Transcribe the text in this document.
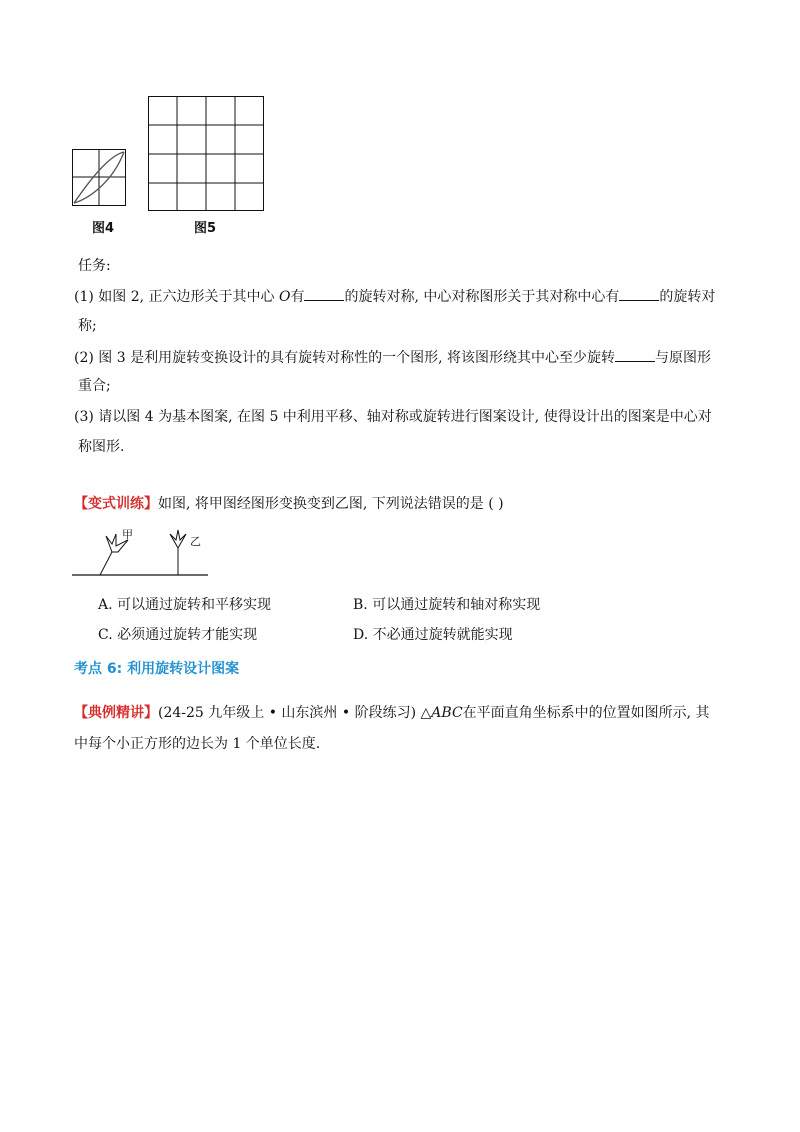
图4	图5
任务:
(1) 如图 2, 正六边形关于其中心 O有	的旋转对称, 中心对称图形关于其对称中心有	的旋转对
称;
(2) 图 3 是利用旋转变换设计的具有旋转对称性的一个图形, 将该图形绕其中心至少旋转	与原图形
重合;
(3) 请以图 4 为基本图案, 在图 5 中利用平移、轴对称或旋转进行图案设计, 使得设计出的图案是中心对
称图形.
【变式训练】如图, 将甲图经图形变换变到乙图, 下列说法错误的是 ( )
甲
乙
A. 可以通过旋转和平移实现	B. 可以通过旋转和轴对称实现
C. 必须通过旋转才能实现	D. 不必通过旋转就能实现
考点 6: 利用旋转设计图案
【典例精讲】(24-25 九年级上 • 山东滨州 • 阶段练习) △ABC在平面直角坐标系中的位置如图所示, 其
中每个小正方形的边长为 1 个单位长度.
